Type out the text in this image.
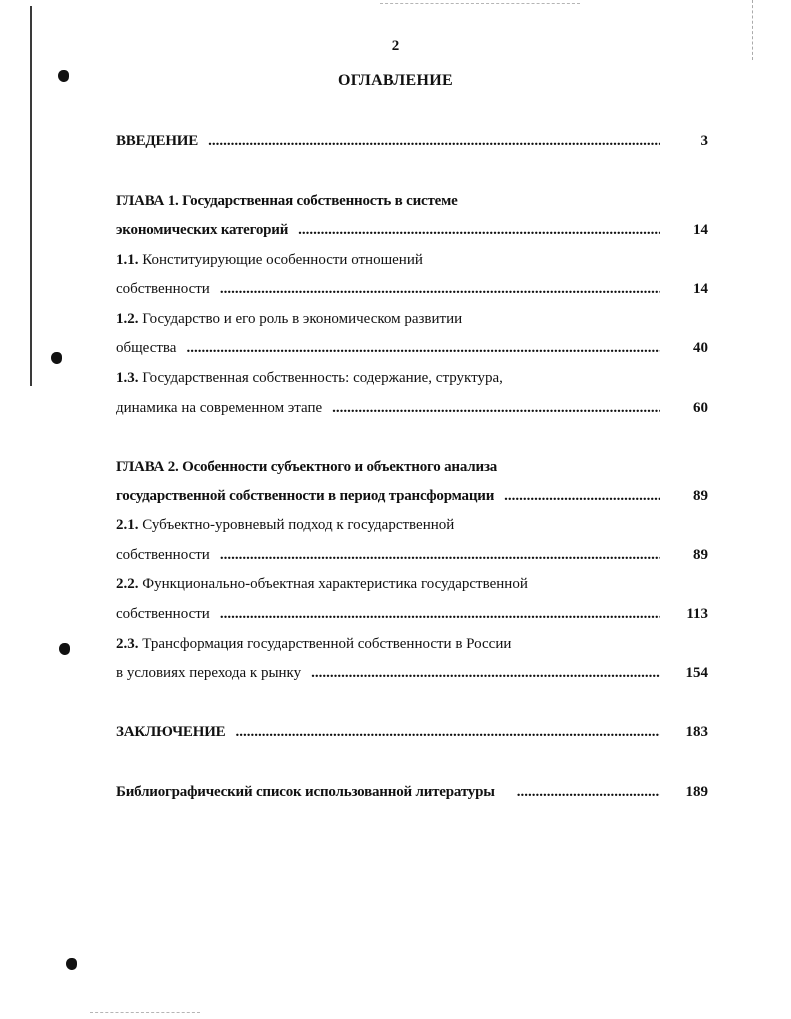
2
ОГЛАВЛЕНИЕ
ВВЕДЕНИЕ .....	3
ГЛАВА 1. Государственная собственность в системе
экономических категорий .....	14
1.1. Конституирующие особенности отношений
собственности .....	14
1.2. Государство и его роль в экономическом развитии
общества .....	40
1.3. Государственная собственность: содержание, структура,
динамика на современном этапе .....	60
ГЛАВА 2. Особенности субъектного и объектного анализа
государственной собственности в период трансформации .....	89
2.1. Субъектно-уровневый подход к государственной
собственности .....	89
2.2. Функционально-объектная характеристика государственной
собственности .....	113
2.3. Трансформация государственной собственности в России
в условиях перехода к рынку .....	154
ЗАКЛЮЧЕНИЕ .....	183
Библиографический список использованной литературы .....	189
